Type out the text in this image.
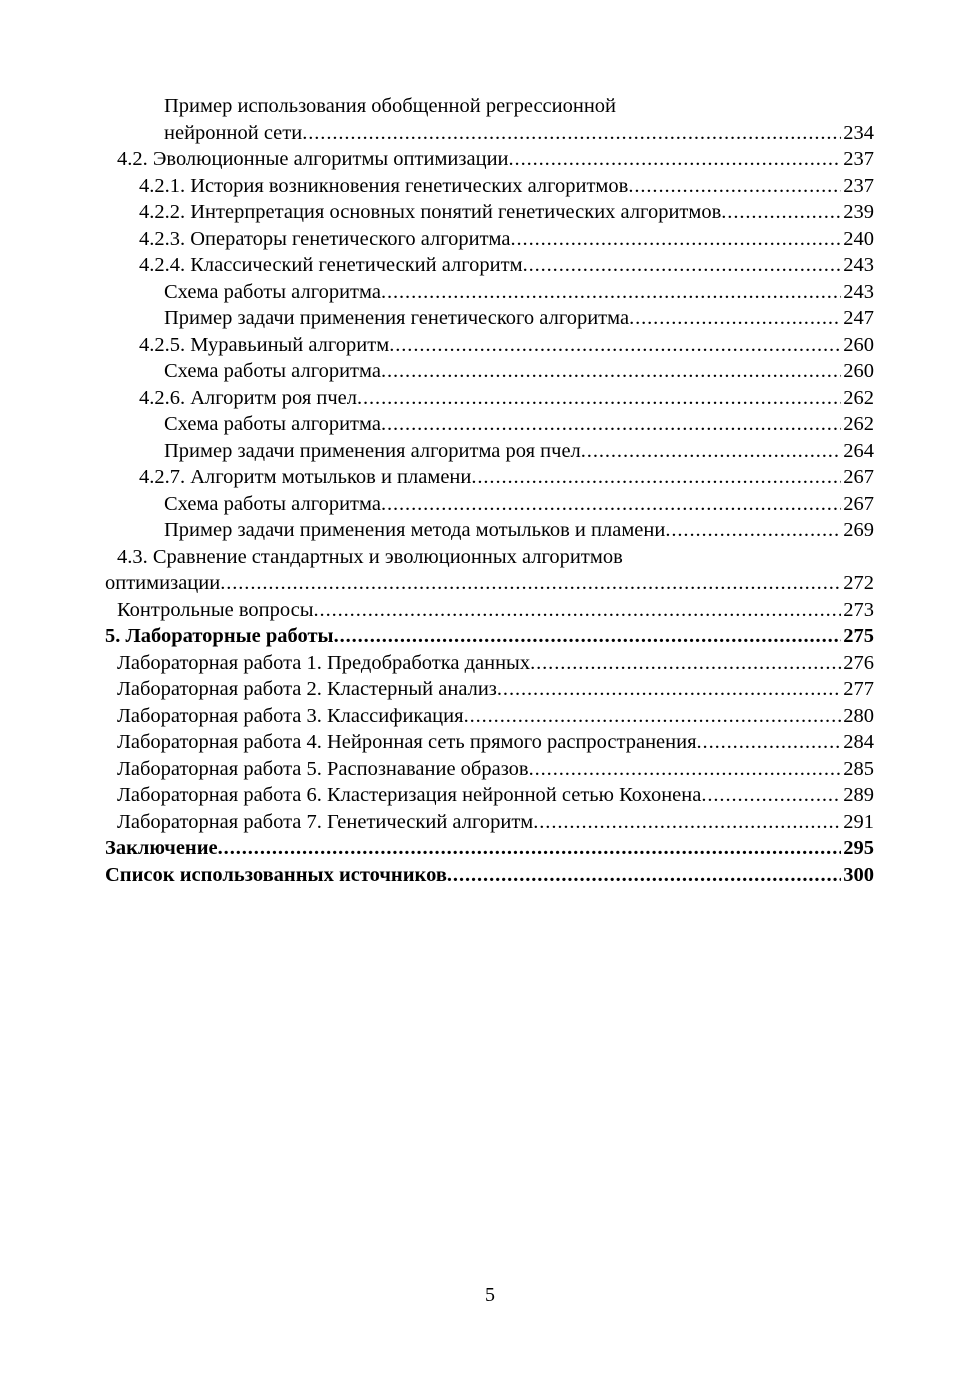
Пример использования обобщенной регрессионной
нейронной сети .....	234
4.2. Эволюционные алгоритмы оптимизации .....	237
4.2.1. История возникновения генетических алгоритмов .....	237
4.2.2. Интерпретация основных понятий генетических алгоритмов .....	239
4.2.3. Операторы генетического алгоритма .....	240
4.2.4. Классический генетический алгоритм .....	243
Схема работы алгоритма .....	243
Пример задачи применения генетического алгоритма .....	247
4.2.5. Муравьиный алгоритм .....	260
Схема работы алгоритма .....	260
4.2.6. Алгоритм роя пчел .....	262
Схема работы алгоритма .....	262
Пример задачи применения алгоритма роя пчел .....	264
4.2.7. Алгоритм мотыльков и пламени .....	267
Схема работы алгоритма .....	267
Пример задачи применения метода мотыльков и пламени .....	269
4.3. Сравнение стандартных и эволюционных алгоритмов
оптимизации .....	272
Контрольные вопросы .....	273
5. Лабораторные работы .....	275
Лабораторная работа 1. Предобработка данных .....	276
Лабораторная работа 2. Кластерный анализ .....	277
Лабораторная работа 3. Классификация .....	280
Лабораторная работа 4. Нейронная сеть прямого распространения .....	284
Лабораторная работа 5. Распознавание образов .....	285
Лабораторная работа 6. Кластеризация нейронной сетью Кохонена .....	289
Лабораторная работа 7. Генетический алгоритм .....	291
Заключение .....	295
Список использованных источников .....	300
5
